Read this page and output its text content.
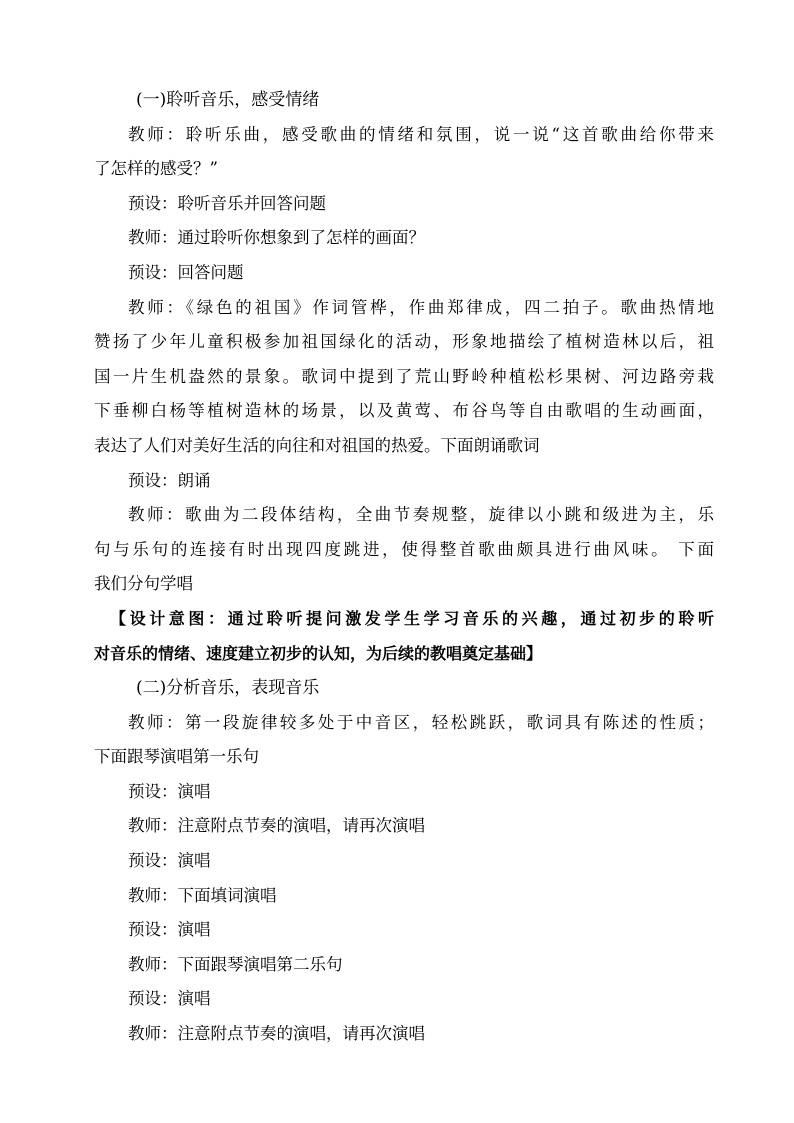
(一)聆听音乐，感受情绪
教师：聆听乐曲，感受歌曲的情绪和氛围，说一说“这首歌曲给你带来
了怎样的感受？”
预设：聆听音乐并回答问题
教师：通过聆听你想象到了怎样的画面？
预设：回答问题
教师：《绿色的祖国》作词管桦，作曲郑律成，四二拍子。歌曲热情地
赞扬了少年儿童积极参加祖国绿化的活动，形象地描绘了植树造林以后，祖
国一片生机盎然的景象。歌词中提到了荒山野岭种植松杉果树、河边路旁栽
下垂柳白杨等植树造林的场景，以及黄莺、布谷鸟等自由歌唱的生动画面，
表达了人们对美好生活的向往和对祖国的热爱。下面朗诵歌词
预设：朗诵
教师：歌曲为二段体结构，全曲节奏规整，旋律以小跳和级进为主，乐
句与乐句的连接有时出现四度跳进，使得整首歌曲颇具进行曲风味。 下面
我们分句学唱
【设计意图：通过聆听提问激发学生学习音乐的兴趣，通过初步的聆听
对音乐的情绪、速度建立初步的认知，为后续的教唱奠定基础】
(二)分析音乐，表现音乐
教师：第一段旋律较多处于中音区，轻松跳跃，歌词具有陈述的性质；
下面跟琴演唱第一乐句
预设：演唱
教师：注意附点节奏的演唱，请再次演唱
预设：演唱
教师：下面填词演唱
预设：演唱
教师：下面跟琴演唱第二乐句
预设：演唱
教师：注意附点节奏的演唱，请再次演唱
